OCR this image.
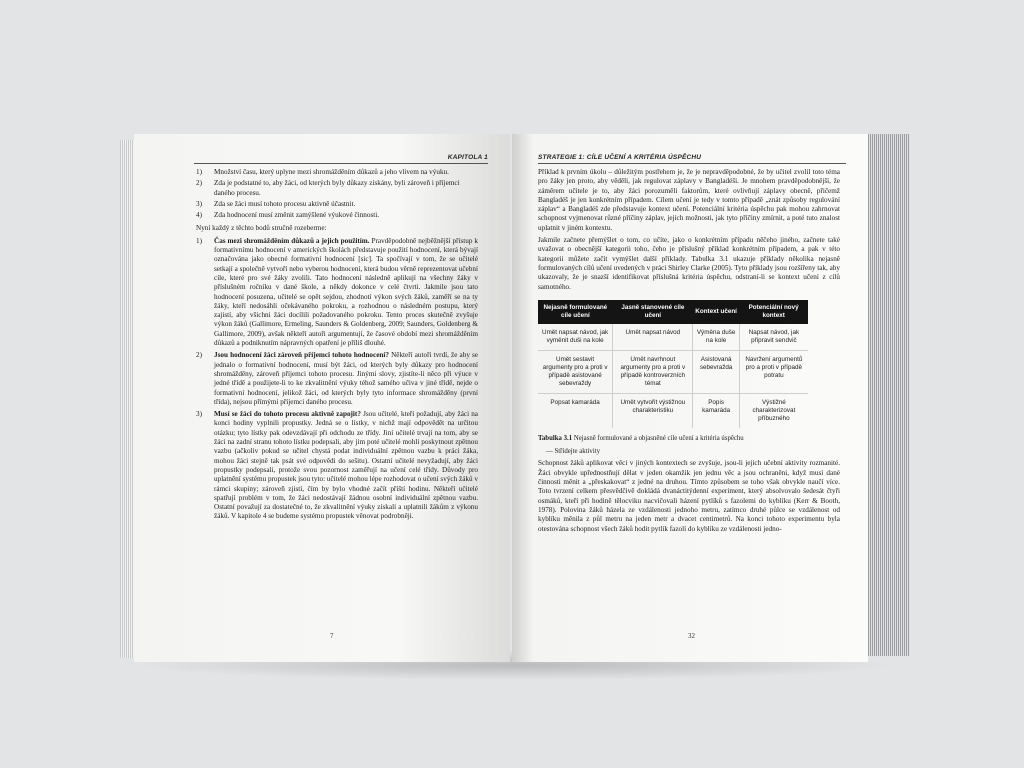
KAPITOLA 1
1) Množství času, který uplyne mezi shromážděním důkazů a jeho vlivem na výuku.
2) Zda je podstatné to, aby žáci, od kterých byly důkazy získány, byli zároveň i příjemci daného procesu.
3) Zda se žáci musí tohoto procesu aktivně účastnit.
4) Zda hodnocení musí změnit zamýšlené výukové činnosti.

Nyní každý z těchto bodů stručně rozeberme:

1) Čas mezi shromážděním důkazů a jejich použitím. Pravděpodobně nejběžnější přístup k formativnímu hodnocení v amerických školách představuje použití hodnocení, která bývají označována jako obecné formativní hodnocení [sic]. Ta spočívají v tom, že se učitelé setkají a společně vytvoří nebo vyberou hodnocení, která budou věrně reprezentovat učební cíle, které pro své žáky zvolili. Tato hodnocení následně aplikují na všechny žáky v příslušném ročníku v dané škole, a někdy dokonce v celé čtvrti. Jakmile jsou tato hodnocení posuzena, učitelé se opět sejdou, zhodnotí výkon svých žáků, zaměří se na ty žáky, kteří nedosáhli očekávaného pokroku, a rozhodnou o následném postupu, který zajistí, aby všichni žáci docílili požadovaného pokroku. Tento proces skutečně zvyšuje výkon žáků (Gallimore, Ermeling, Saunders & Goldenberg, 2009; Saunders, Goldenberg & Gallimore, 2009), avšak někteří autoři argumentují, že časové období mezi shromážděním důkazů a podniknutím nápravných opatření je příliš dlouhé.
2) Jsou hodnocení žáci zároveň příjemci tohoto hodnocení? Někteří autoři tvrdí, že aby se jednalo o formativní hodnocení, musí být žáci, od kterých byly důkazy pro hodnocení shromážděny, zároveň příjemci tohoto procesu. Jinými slovy, zjistíte-li něco při výuce v jedné třídě a použijete-li to ke zkvalitnění výuky téhož samého učiva v jiné třídě, nejde o formativní hodnocení, jelikož žáci, od kterých byly tyto informace shromážděny (první třída), nejsou přímými příjemci daného procesu.
3) Musí se žáci do tohoto procesu aktivně zapojit? Jsou učitelé, kteří požadují, aby žáci na konci hodiny vyplnili propustky. Jedná se o lístky, v nichž mají odpovědět na určitou otázku; tyto lístky pak odevzdávají při odchodu ze třídy. Jiní učitelé trvají na tom, aby se žáci na zadní stranu tohoto lístku podepsali, aby jim poté učitelé mohli poskytnout zpětnou vazbu (ačkoliv pokud se učitel chystá podat individuální zpětnou vazbu k práci žáka, mohou žáci stejně tak psát své odpovědi do sešitu). Ostatní učitelé nevyžadují, aby žáci propustky podepsali, protože svou pozornost zaměřují na učení celé třídy. Důvody pro uplatnění systému propustek jsou tyto: učitelé mohou lépe rozhodovat o učení svých žáků v rámci skupiny; zároveň zjistí, čím by bylo vhodné začít příští hodinu. Někteří učitelé spatřují problém v tom, že žáci nedostávají žádnou osobní individuální zpětnou vazbu. Ostatní považují za dostatečné to, že zkvalitnění výuky získali a uplatnili žákům z výkonu žáků. V kapitole 4 se budeme systému propustek věnovat podrobněji.
7
STRATEGIE 1: CÍLE UČENÍ A KRITÉRIA ÚSPĚCHU

Příklad k prvním úkolu – důležitým postřehem je, že je nepravděpodobné, že by učitel zvolil toto téma pro žáky jen proto, aby věděli, jak regulovat záplavy v Bangladéši. Je mnohem pravděpodobnější, že záměrem učitele je to, aby žáci porozuměli faktorům, které ovlivňují záplavy obecně, přičemž Bangladéš je jen konkrétním případem. Cílem učení je tedy v tomto případě „znát způsoby regulování záplav“ a Bangladéš zde představuje kontext učení. Potenciální kritéria úspěchu pak mohou zahrnovat schopnost vyjmenovat různé příčiny záplav, jejich možnosti, jak tyto příčiny zmírnit, a poté tuto znalost uplatnit v jiném kontextu.

Jakmile začnete přemýšlet o tom, co učíte, jako o konkrétním případu něčeho jiného, začnete také uvažovat o obecnější kategorii toho, čeho je příslušný příklad konkrétním případem, a pak v této kategorii můžete začít vymýšlet další příklady. Tabulka 3.1 ukazuje příklady několika nejasně formulovaných cílů učení uvedených v práci Shirley Clarke (2005). Tyto příklady jsou rozšířeny tak, aby ukazovaly, že je snazší identifikovat příslušná kritéria úspěchu, odstraní-li se kontext učení z cílů samotného.

Nejasně formulované cíle učení	Jasně stanovené cíle učení	Kontext učení	Potenciální nový kontext
Umět napsat návod, jak vyměnit duši na kole	Umět napsat návod	Výměna duše na kole	Napsat návod, jak připravit sendvič
Umět sestavit argumenty pro a proti v případě asistované sebevraždy	Umět navrhnout argumenty pro a proti v případě kontroverzních témat	Asistovaná sebevražda	Navržení argumentů pro a proti v případě potratu
Popsat kamaráda	Umět vytvořit výstižnou charakteristiku	Popis kamaráda	Výstižné charakterizovat příbuzného

Tabulka 3.1 Nejasně formulované a objasněné cíle učení a kritéria úspěchu

— Střídejte aktivity

Schopnost žáků aplikovat věci v jiných kontextech se zvyšuje, jsou-li jejich učební aktivity rozmanité. Žáci obvykle upřednostňují dělat v jeden okamžik jen jednu věc a jsou ochraněni, když musí dané činnosti měnit a „přeskakovat“ z jedné na druhou. Tímto způsobem se toho však obvykle naučí více. Toto tvrzení celkem přesvědčivě dokládá dvanáctitýdenní experiment, který absolvovalo šedesát čtyři osmáků, kteří při hodině tělocviku nacvičovali házení pytlíků s fazolemi do kyblíku (Kerr & Booth, 1978). Polovina žáků házela ze vzdálenosti jednoho metru, zatímco druhé půlce se vzdálenost od kyblíku měnila z půl metru na jeden metr a dvacet centimetrů. Na konci tohoto experimentu byla otestována schopnost všech žáků hodit pytlík fazolí do kyblíku ze vzdálenosti jedno-

32
